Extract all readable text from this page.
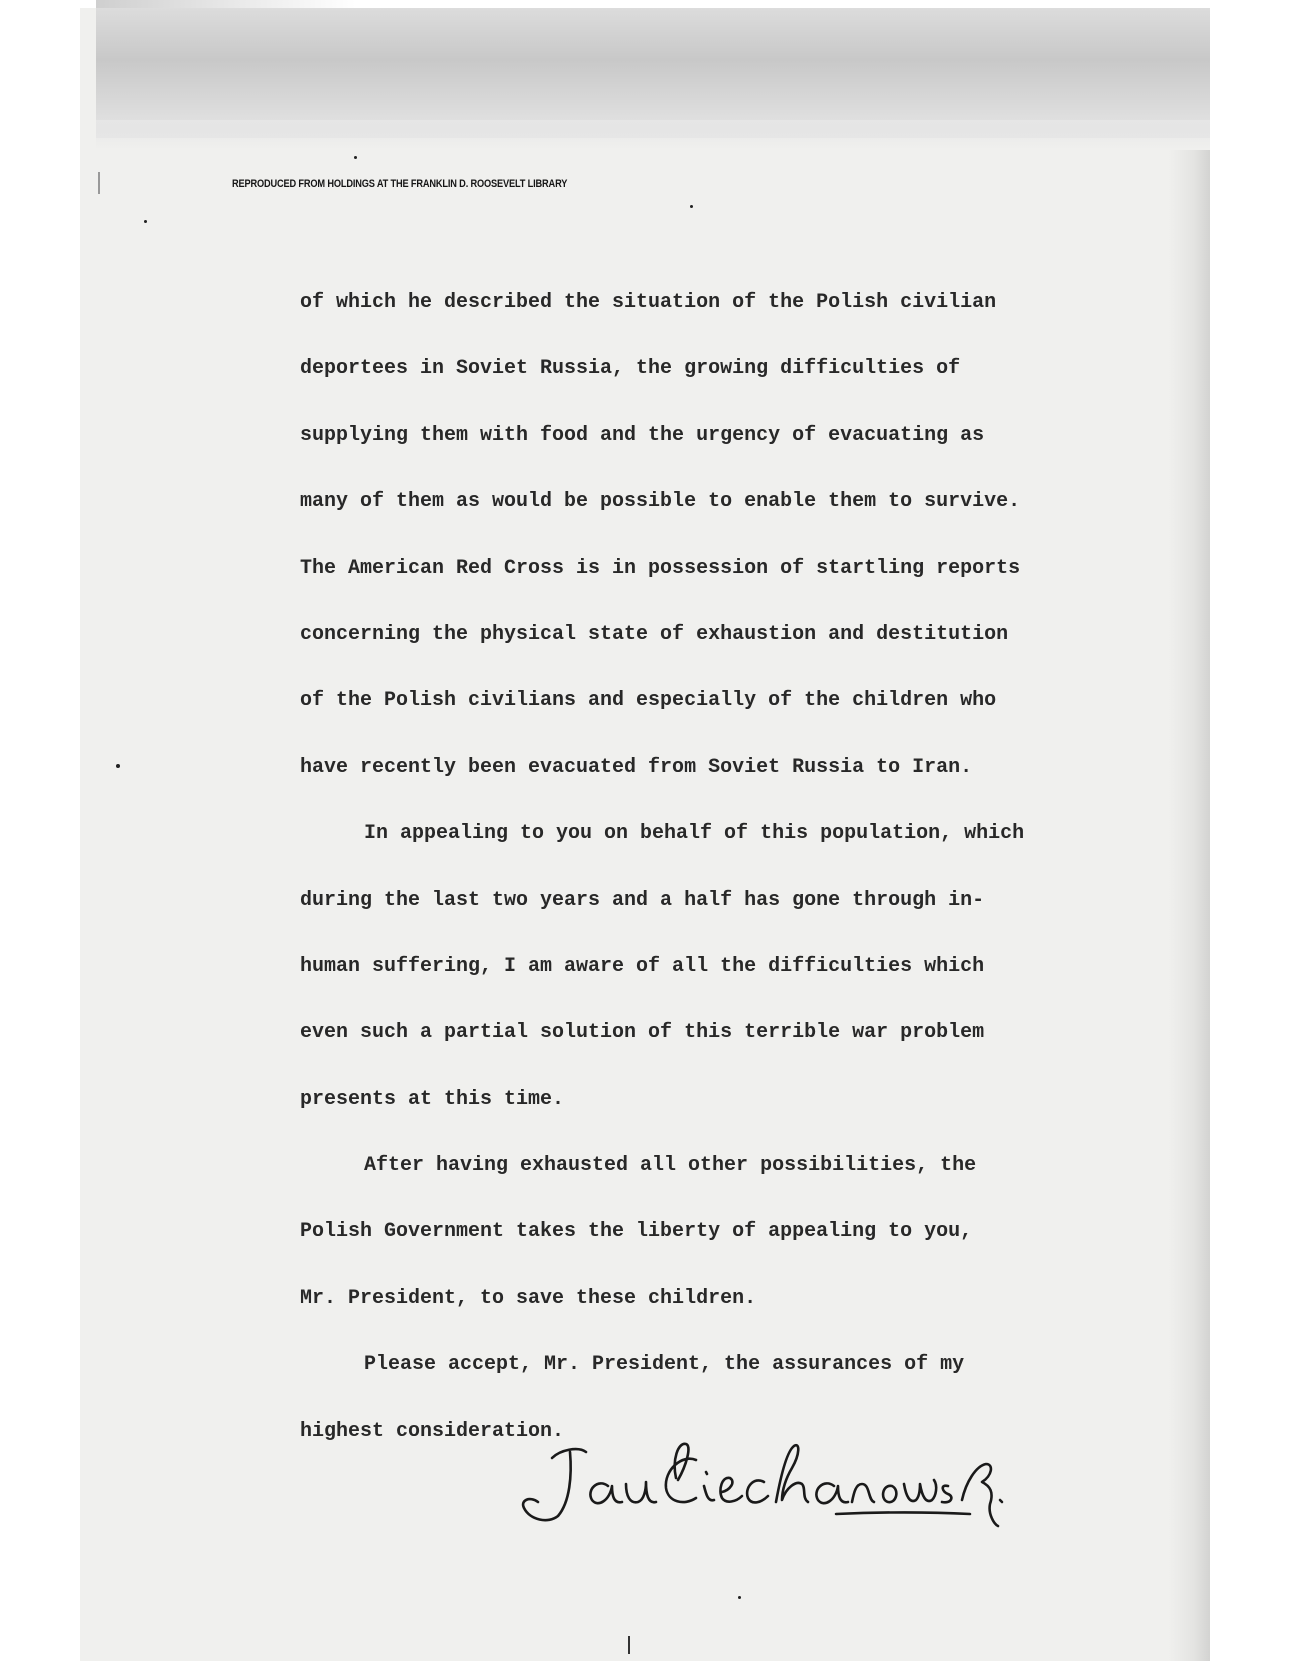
REPRODUCED FROM HOLDINGS AT THE FRANKLIN D. ROOSEVELT LIBRARY
of which he described the situation of the Polish civilian
deportees in Soviet Russia, the growing difficulties of
supplying them with food and the urgency of evacuating as
many of them as would be possible to enable them to survive.
The American Red Cross is in possession of startling reports
concerning the physical state of exhaustion and destitution
of the Polish civilians and especially of the children who
have recently been evacuated from Soviet Russia to Iran.
In appealing to you on behalf of this population, which
during the last two years and a half has gone through in-
human suffering, I am aware of all the difficulties which
even such a partial solution of this terrible war problem
presents at this time.
After having exhausted all other possibilities, the
Polish Government takes the liberty of appealing to you,
Mr. President, to save these children.
Please accept, Mr. President, the assurances of my
highest consideration.
